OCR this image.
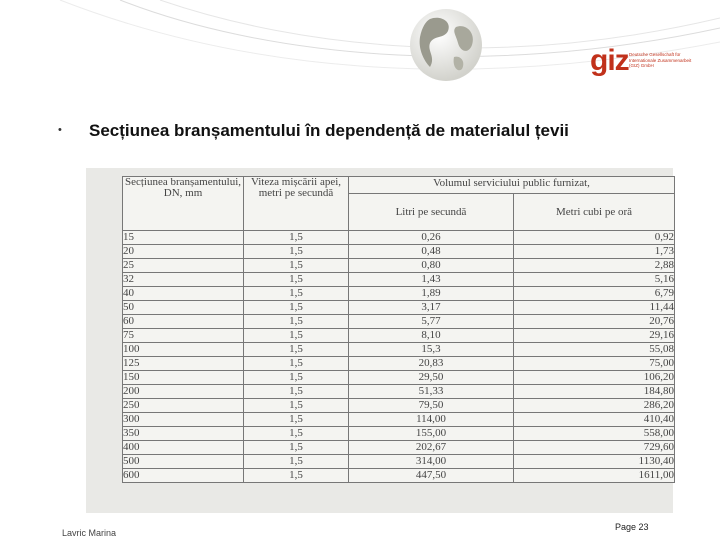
giz Deutsche Gesellschaft für Internationale Zusammenarbeit (GIZ) GmbH
• Secțiunea branșamentului în dependență de materialul țevii
Secțiunea branșamentului, DN, mm	Viteza mișcării apei, metri pe secundă	Volumul serviciului public furnizat,	
		Litri pe secundă	Metri cubi pe oră
15	1,5	0,26	0,92
20	1,5	0,48	1,73
25	1,5	0,80	2,88
32	1,5	1,43	5,16
40	1,5	1,89	6,79
50	1,5	3,17	11,44
60	1,5	5,77	20,76
75	1,5	8,10	29,16
100	1,5	15,3	55,08
125	1,5	20,83	75,00
150	1,5	29,50	106,20
200	1,5	51,33	184,80
250	1,5	79,50	286,20
300	1,5	114,00	410,40
350	1,5	155,00	558,00
400	1,5	202,67	729,60
500	1,5	314,00	1130,40
600	1,5	447,50	1611,00
Lavric Marina
Page 23
